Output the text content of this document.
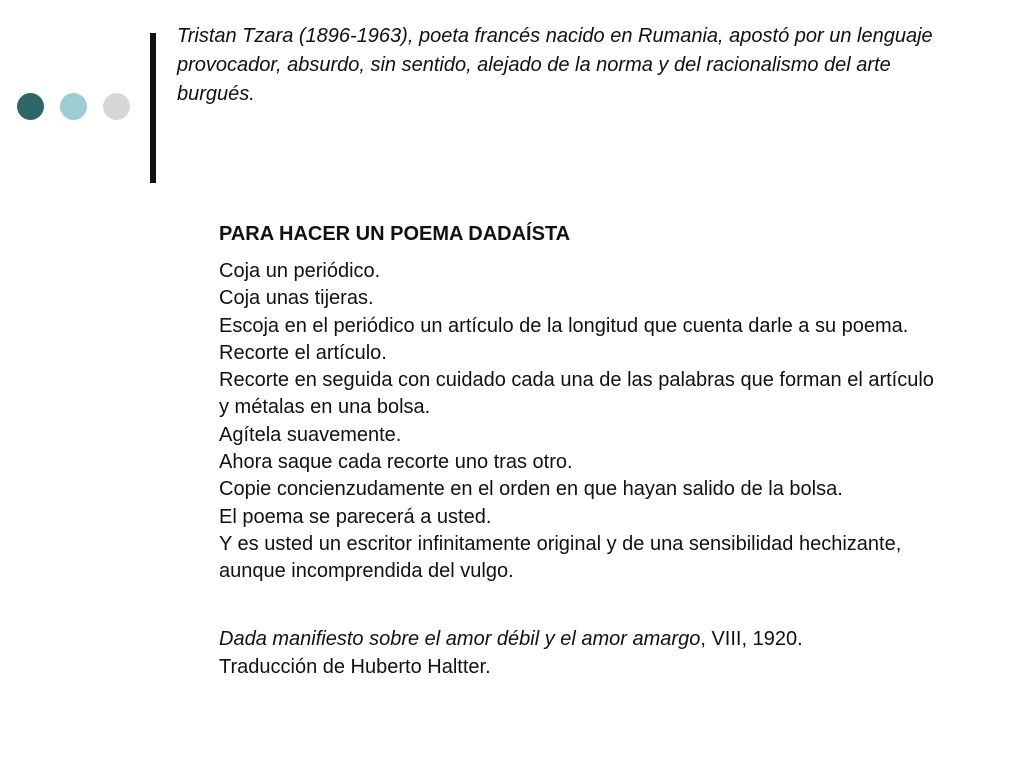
Tristan Tzara (1896-1963), poeta francés nacido en Rumania, apostó por un lenguaje provocador, absurdo, sin sentido, alejado de la norma y del racionalismo del arte burgués.
PARA HACER UN POEMA DADAÍSTA
Coja un periódico.
Coja unas tijeras.
Escoja en el periódico un artículo de la longitud que cuenta darle a su poema.
Recorte el artículo.
Recorte en seguida con cuidado cada una de las palabras que forman el artículo y métalas en una bolsa.
Agítela suavemente.
Ahora saque cada recorte uno tras otro.
Copie concienzudamente en el orden en que hayan salido de la bolsa.
El poema se parecerá a usted.
Y es usted un escritor infinitamente original y de una sensibilidad hechizante, aunque incomprendida del vulgo.
Dada manifiesto sobre el amor débil y el amor amargo, VIII, 1920.
Traducción de Huberto Haltter.
